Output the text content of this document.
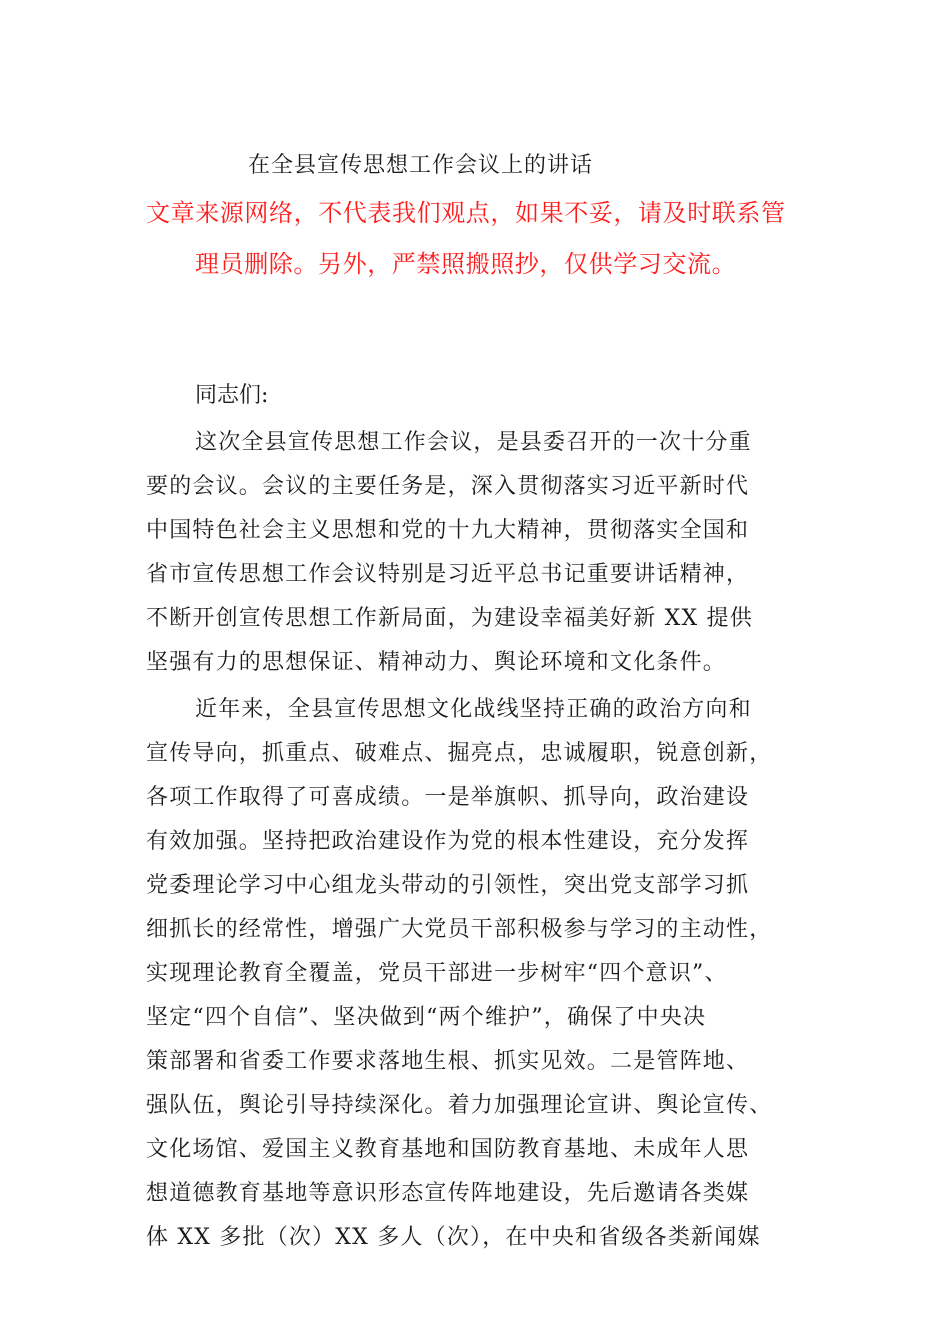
在全县宣传思想工作会议上的讲话
文章来源网络，不代表我们观点，如果不妥，请及时联系管
理员删除。另外，严禁照搬照抄，仅供学习交流。
同志们:
这次全县宣传思想工作会议，是县委召开的一次十分重
要的会议。会议的主要任务是，深入贯彻落实习近平新时代
中国特色社会主义思想和党的十九大精神，贯彻落实全国和
省市宣传思想工作会议特别是习近平总书记重要讲话精神，
不断开创宣传思想工作新局面，为建设幸福美好新 XX 提供
坚强有力的思想保证、精神动力、舆论环境和文化条件。
近年来，全县宣传思想文化战线坚持正确的政治方向和
宣传导向，抓重点、破难点、掘亮点，忠诚履职，锐意创新，
各项工作取得了可喜成绩。一是举旗帜、抓导向，政治建设
有效加强。坚持把政治建设作为党的根本性建设，充分发挥
党委理论学习中心组龙头带动的引领性，突出党支部学习抓
细抓长的经常性，增强广大党员干部积极参与学习的主动性，
实现理论教育全覆盖，党员干部进一步树牢“四个意识”、
坚定“四个自信”、坚决做到“两个维护”，确保了中央决
策部署和省委工作要求落地生根、抓实见效。二是管阵地、
强队伍，舆论引导持续深化。着力加强理论宣讲、舆论宣传、
文化场馆、爱国主义教育基地和国防教育基地、未成年人思
想道德教育基地等意识形态宣传阵地建设，先后邀请各类媒
体 XX 多批（次）XX 多人（次），在中央和省级各类新闻媒
